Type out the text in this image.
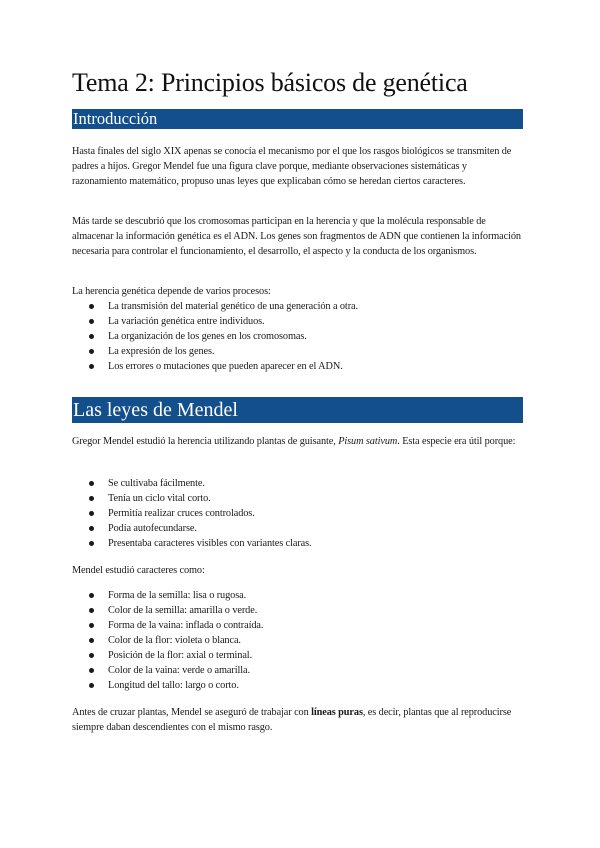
Tema 2: Principios básicos de genética
Introducción

Hasta finales del siglo XIX apenas se conocía el mecanismo por el que los rasgos biológicos se transmiten de padres a hijos. Gregor Mendel fue una figura clave porque, mediante observaciones sistemáticas y razonamiento matemático, propuso unas leyes que explicaban cómo se heredan ciertos caracteres.

Más tarde se descubrió que los cromosomas participan en la herencia y que la molécula responsable de almacenar la información genética es el ADN. Los genes son fragmentos de ADN que contienen la información necesaria para controlar el funcionamiento, el desarrollo, el aspecto y la conducta de los organismos.

La herencia genética depende de varios procesos:

La transmisión del material genético de una generación a otra.
La variación genética entre individuos.
La organización de los genes en los cromosomas.
La expresión de los genes.
Los errores o mutaciones que pueden aparecer en el ADN.
Las leyes de Mendel

Gregor Mendel estudió la herencia utilizando plantas de guisante, Pisum sativum. Esta especie era útil porque:

Se cultivaba fácilmente.
Tenía un ciclo vital corto.
Permitía realizar cruces controlados.
Podía autofecundarse.
Presentaba caracteres visibles con variantes claras.

Mendel estudió caracteres como:

Forma de la semilla: lisa o rugosa.
Color de la semilla: amarilla o verde.
Forma de la vaina: inflada o contraída.
Color de la flor: violeta o blanca.
Posición de la flor: axial o terminal.
Color de la vaina: verde o amarilla.
Longitud del tallo: largo o corto.

Antes de cruzar plantas, Mendel se aseguró de trabajar con líneas puras, es decir, plantas que al reproducirse siempre daban descendientes con el mismo rasgo.
